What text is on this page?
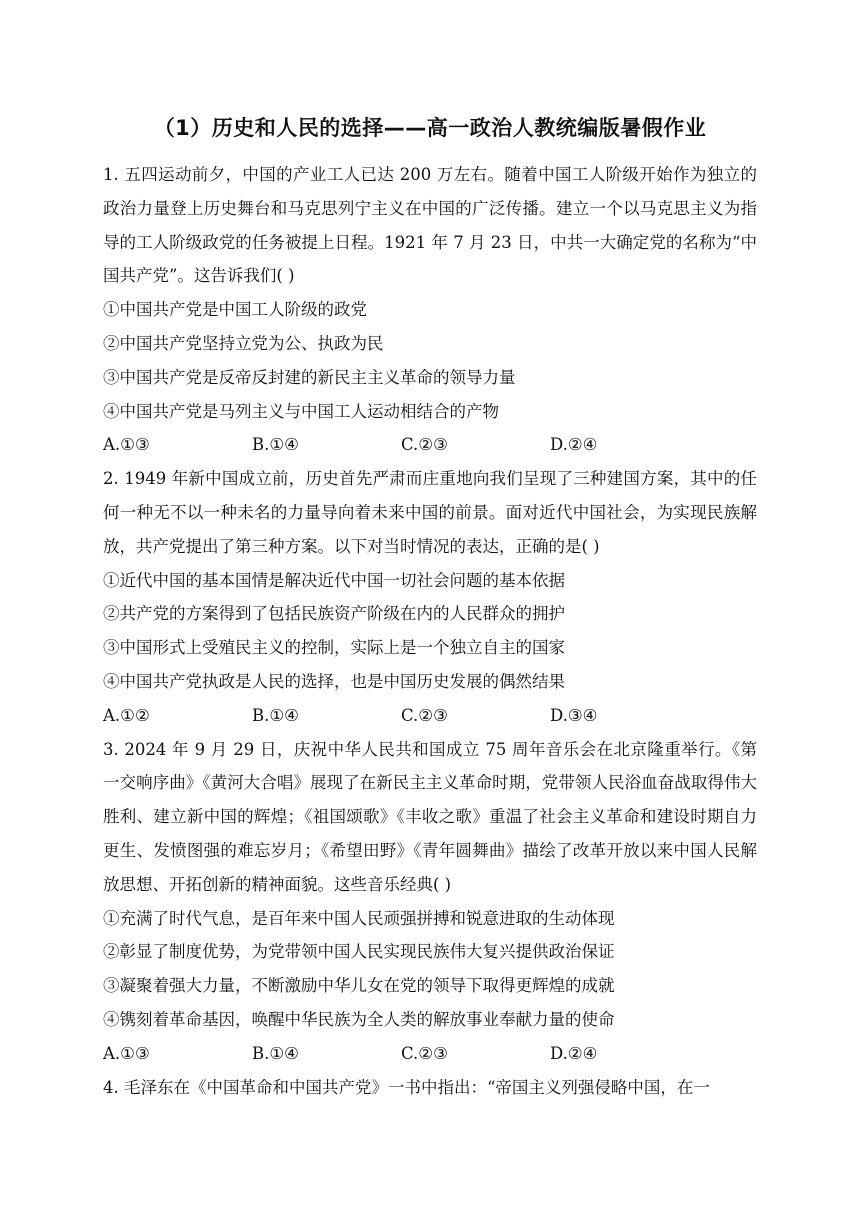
（1）历史和人民的选择——高一政治人教统编版暑假作业

1. 五四运动前夕，中国的产业工人已达 200 万左右。随着中国工人阶级开始作为独立的政治力量登上历史舞台和马克思列宁主义在中国的广泛传播。建立一个以马克思主义为指导的工人阶级政党的任务被提上日程。1921 年 7 月 23 日，中共一大确定党的名称为“中国共产党”。这告诉我们( )

①中国共产党是中国工人阶级的政党

②中国共产党坚持立党为公、执政为民

③中国共产党是反帝反封建的新民主主义革命的领导力量

④中国共产党是马列主义与中国工人运动相结合的产物

A.①③	B.①④	C.②③	D.②④

2. 1949 年新中国成立前，历史首先严肃而庄重地向我们呈现了三种建国方案，其中的任何一种无不以一种未名的力量导向着未来中国的前景。面对近代中国社会，为实现民族解放，共产党提出了第三种方案。以下对当时情况的表达，正确的是( )

①近代中国的基本国情是解决近代中国一切社会问题的基本依据

②共产党的方案得到了包括民族资产阶级在内的人民群众的拥护

③中国形式上受殖民主义的控制，实际上是一个独立自主的国家

④中国共产党执政是人民的选择，也是中国历史发展的偶然结果

A.①②	B.①④	C.②③	D.③④

3. 2024 年 9 月 29 日，庆祝中华人民共和国成立 75 周年音乐会在北京隆重举行。《第一交响序曲》《黄河大合唱》展现了在新民主主义革命时期，党带领人民浴血奋战取得伟大胜利、建立新中国的辉煌；《祖国颂歌》《丰收之歌》重温了社会主义革命和建设时期自力更生、发愤图强的难忘岁月；《希望田野》《青年圆舞曲》描绘了改革开放以来中国人民解放思想、开拓创新的精神面貌。这些音乐经典( )

①充满了时代气息，是百年来中国人民顽强拼搏和锐意进取的生动体现

②彰显了制度优势，为党带领中国人民实现民族伟大复兴提供政治保证

③凝聚着强大力量，不断激励中华儿女在党的领导下取得更辉煌的成就

④镌刻着革命基因，唤醒中华民族为全人类的解放事业奉献力量的使命

A.①③	B.①④	C.②③	D.②④

4. 毛泽东在《中国革命和中国共产党》一书中指出：“帝国主义列强侵略中国，在一
